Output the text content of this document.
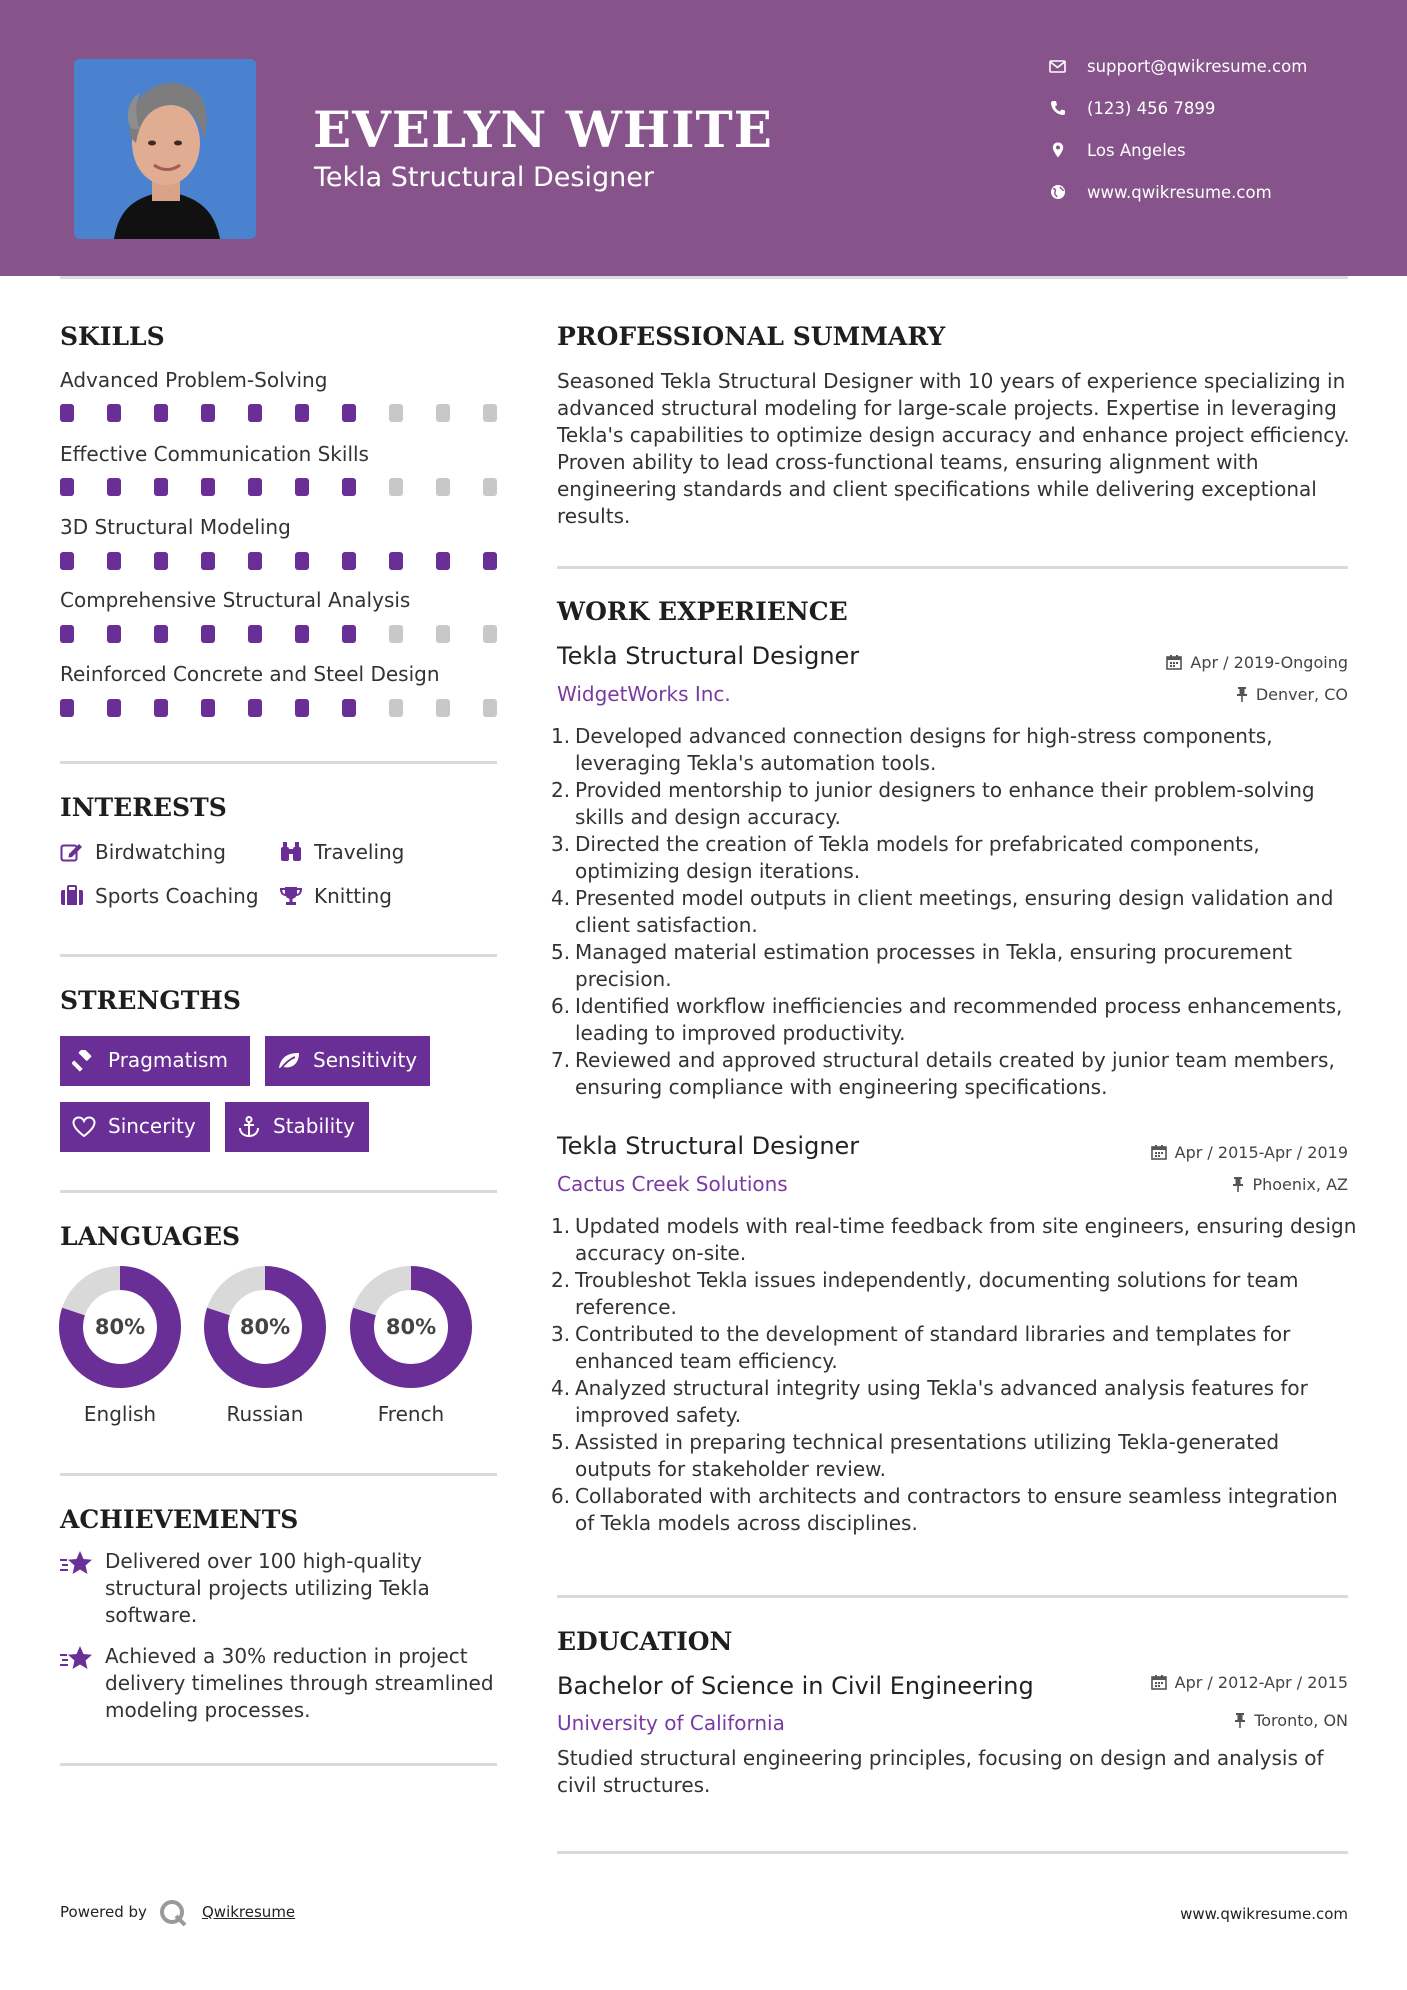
EVELYN WHITE

Tekla Structural Designer

support@qwikresume.com
(123) 456 7899
Los Angeles
www.qwikresume.com
SKILLS
Advanced Problem-Solving
Effective Communication Skills
3D Structural Modeling
Comprehensive Structural Analysis
Reinforced Concrete and Steel Design
INTERESTS
Birdwatching	Traveling
Sports Coaching	Knitting
STRENGTHS
Pragmatism	Sensitivity
Sincerity	Stability
LANGUAGES
80%
English
80%
Russian
80%
French
ACHIEVEMENTS

Delivered over 100 high-quality structural projects utilizing Tekla software.

Achieved a 30% reduction in project delivery timelines through streamlined modeling processes.

PROFESSIONAL SUMMARY

Seasoned Tekla Structural Designer with 10 years of experience specializing in advanced structural modeling for large-scale projects. Expertise in leveraging Tekla's capabilities to optimize design accuracy and enhance project efficiency. Proven ability to lead cross-functional teams, ensuring alignment with engineering standards and client specifications while delivering exceptional results.

WORK EXPERIENCE
Tekla Structural Designer	Apr / 2019-Ongoing
WidgetWorks Inc.	Denver, CO
1. Developed advanced connection designs for high-stress components, leveraging Tekla's automation tools.
2. Provided mentorship to junior designers to enhance their problem-solving skills and design accuracy.
3. Directed the creation of Tekla models for prefabricated components, optimizing design iterations.
4. Presented model outputs in client meetings, ensuring design validation and client satisfaction.
5. Managed material estimation processes in Tekla, ensuring procurement precision.
6. Identified workflow inefficiencies and recommended process enhancements, leading to improved productivity.
7. Reviewed and approved structural details created by junior team members, ensuring compliance with engineering specifications.
Tekla Structural Designer	Apr / 2015-Apr / 2019
Cactus Creek Solutions	Phoenix, AZ
1. Updated models with real-time feedback from site engineers, ensuring design accuracy on-site.
2. Troubleshot Tekla issues independently, documenting solutions for team reference.
3. Contributed to the development of standard libraries and templates for enhanced team efficiency.
4. Analyzed structural integrity using Tekla's advanced analysis features for improved safety.
5. Assisted in preparing technical presentations utilizing Tekla-generated outputs for stakeholder review.
6. Collaborated with architects and contractors to ensure seamless integration of Tekla models across disciplines.
EDUCATION
Bachelor of Science in Civil Engineering	Apr / 2012-Apr / 2015
University of California	Toronto, ON

Studied structural engineering principles, focusing on design and analysis of civil structures.

Powered by	Qwikresume	www.qwikresume.com
